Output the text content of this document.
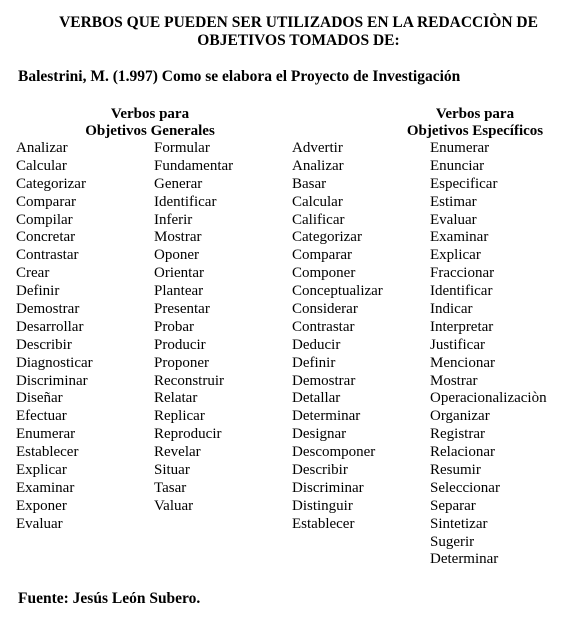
VERBOS QUE PUEDEN SER UTILIZADOS EN LA REDACCIÒN DE
OBJETIVOS TOMADOS DE:
Balestrini, M. (1.997) Como se elabora el Proyecto de Investigación
Verbos para
Objetivos Generales
Verbos para
Objetivos Específicos
Analizar
Calcular
Categorizar
Comparar
Compilar
Concretar
Contrastar
Crear
Definir
Demostrar
Desarrollar
Describir
Diagnosticar
Discriminar
Diseñar
Efectuar
Enumerar
Establecer
Explicar
Examinar
Exponer
Evaluar
Formular
Fundamentar
Generar
Identificar
Inferir
Mostrar
Oponer
Orientar
Plantear
Presentar
Probar
Producir
Proponer
Reconstruir
Relatar
Replicar
Reproducir
Revelar
Situar
Tasar
Valuar
Advertir
Analizar
Basar
Calcular
Calificar
Categorizar
Comparar
Componer
Conceptualizar
Considerar
Contrastar
Deducir
Definir
Demostrar
Detallar
Determinar
Designar
Descomponer
Describir
Discriminar
Distinguir
Establecer
Enumerar
Enunciar
Especificar
Estimar
Evaluar
Examinar
Explicar
Fraccionar
Identificar
Indicar
Interpretar
Justificar
Mencionar
Mostrar
Operacionalizaciòn
Organizar
Registrar
Relacionar
Resumir
Seleccionar
Separar
Sintetizar
Sugerir
Determinar
Fuente: Jesús León Subero.
